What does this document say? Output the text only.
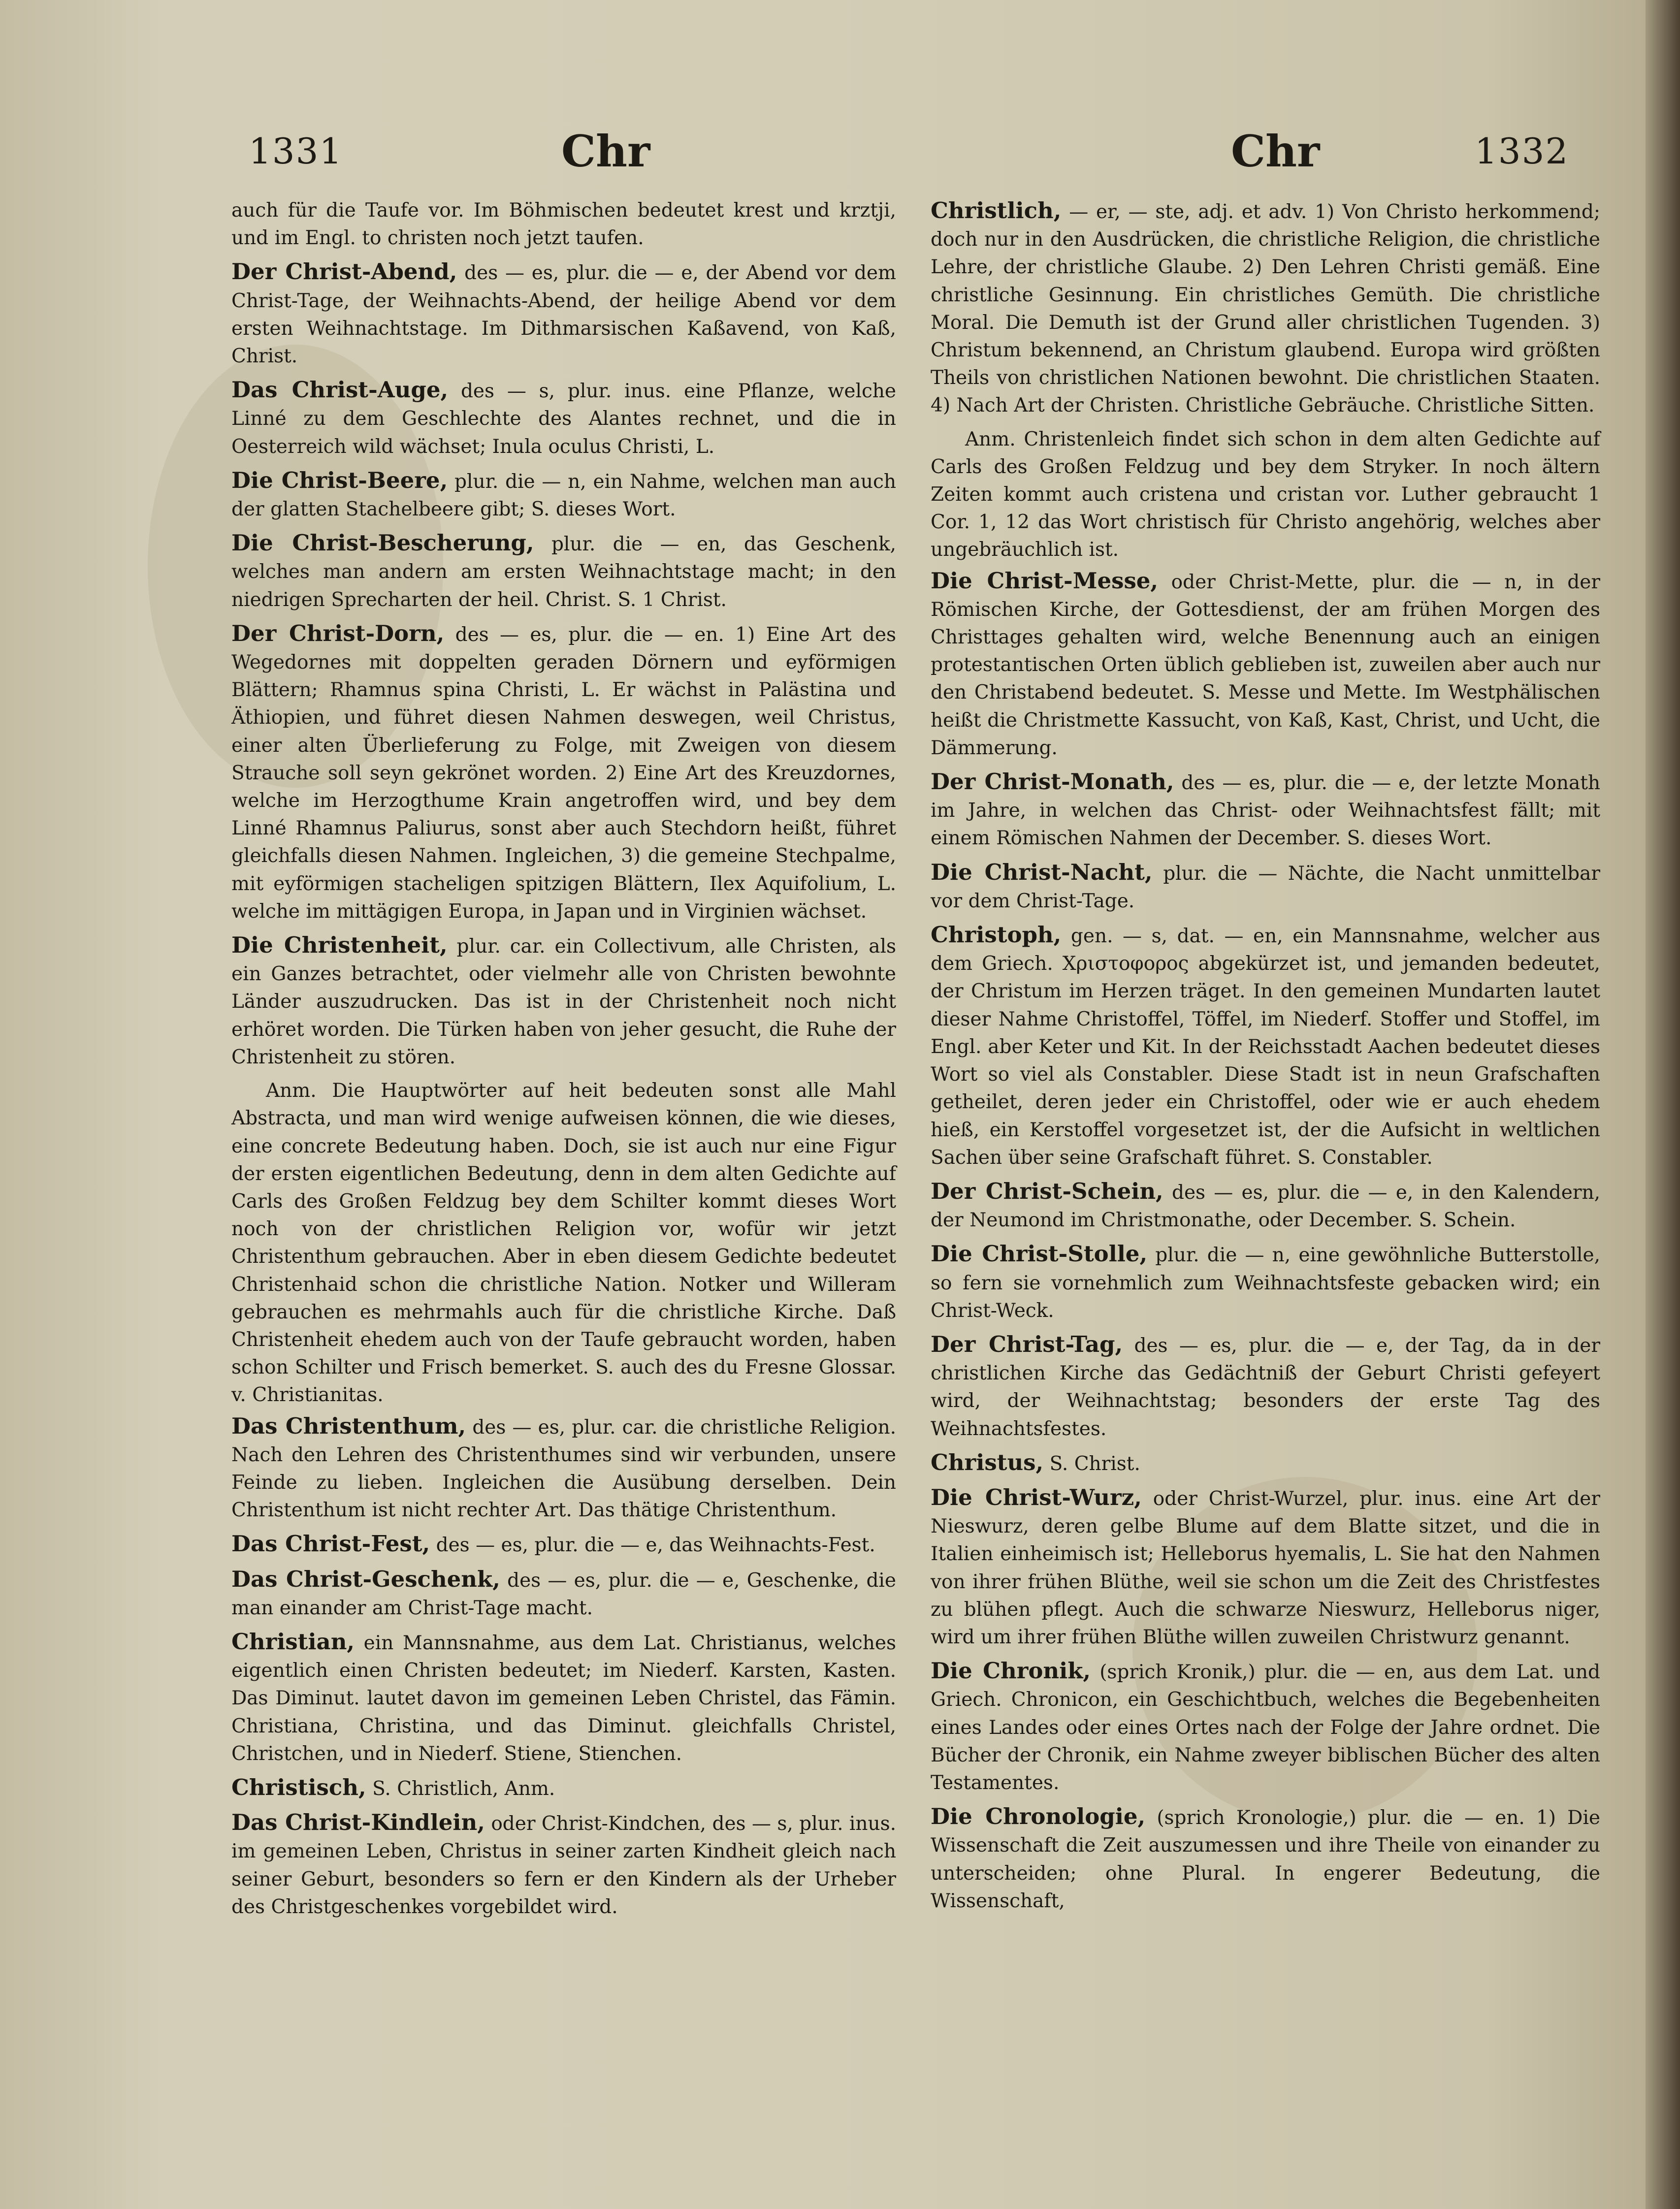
1331	Chr	Chr	1332

auch für die Taufe vor. Im Böhmischen bedeutet krest und krztji, und im Engl. to christen noch jetzt taufen.

Der Christ-Abend, des — es, plur. die — e, der Abend vor dem Christ-Tage, der Weihnachts-Abend, der heilige Abend vor dem ersten Weihnachtstage. Im Dithmarsischen Kaßavend, von Kaß, Christ.

Das Christ-Auge, des — s, plur. inus. eine Pflanze, welche Linné zu dem Geschlechte des Alantes rechnet, und die in Oesterreich wild wächset; Inula oculus Christi, L.

Die Christ-Beere, plur. die — n, ein Nahme, welchen man auch der glatten Stachelbeere gibt; S. dieses Wort.

Die Christ-Bescherung, plur. die — en, das Geschenk, welches man andern am ersten Weihnachtstage macht; in den niedrigen Sprecharten der heil. Christ. S. 1 Christ.

Der Christ-Dorn, des — es, plur. die — en. 1) Eine Art des Wegedornes mit doppelten geraden Dörnern und eyförmigen Blättern; Rhamnus spina Christi, L. Er wächst in Palästina und Äthiopien, und führet diesen Nahmen deswegen, weil Christus, einer alten Überlieferung zu Folge, mit Zweigen von diesem Strauche soll seyn gekrönet worden. 2) Eine Art des Kreuzdornes, welche im Herzogthume Krain angetroffen wird, und bey dem Linné Rhamnus Paliurus, sonst aber auch Stechdorn heißt, führet gleichfalls diesen Nahmen. Ingleichen, 3) die gemeine Stechpalme, mit eyförmigen stacheligen spitzigen Blättern, Ilex Aquifolium, L. welche im mittägigen Europa, in Japan und in Virginien wächset.

Die Christenheit, plur. car. ein Collectivum, alle Christen, als ein Ganzes betrachtet, oder vielmehr alle von Christen bewohnte Länder auszudrucken. Das ist in der Christenheit noch nicht erhöret worden. Die Türken haben von jeher gesucht, die Ruhe der Christenheit zu stören.

Anm. Die Hauptwörter auf heit bedeuten sonst alle Mahl Abstracta, und man wird wenige aufweisen können, die wie dieses, eine concrete Bedeutung haben. Doch, sie ist auch nur eine Figur der ersten eigentlichen Bedeutung, denn in dem alten Gedichte auf Carls des Großen Feldzug bey dem Schilter kommt dieses Wort noch von der christlichen Religion vor, wofür wir jetzt Christenthum gebrauchen. Aber in eben diesem Gedichte bedeutet Christenhaid schon die christliche Nation. Notker und Willeram gebrauchen es mehrmahls auch für die christliche Kirche. Daß Christenheit ehedem auch von der Taufe gebraucht worden, haben schon Schilter und Frisch bemerket. S. auch des du Fresne Glossar. v. Christianitas.

Das Christenthum, des — es, plur. car. die christliche Religion. Nach den Lehren des Christenthumes sind wir verbunden, unsere Feinde zu lieben. Ingleichen die Ausübung derselben. Dein Christenthum ist nicht rechter Art. Das thätige Christenthum.

Das Christ-Fest, des — es, plur. die — e, das Weihnachts-Fest.

Das Christ-Geschenk, des — es, plur. die — e, Geschenke, die man einander am Christ-Tage macht.

Christian, ein Mannsnahme, aus dem Lat. Christianus, welches eigentlich einen Christen bedeutet; im Niederf. Karsten, Kasten. Das Diminut. lautet davon im gemeinen Leben Christel, das Fämin. Christiana, Christina, und das Diminut. gleichfalls Christel, Christchen, und in Niederf. Stiene, Stienchen.

Christisch, S. Christlich, Anm.

Das Christ-Kindlein, oder Christ-Kindchen, des — s, plur. inus. im gemeinen Leben, Christus in seiner zarten Kindheit gleich nach seiner Geburt, besonders so fern er den Kindern als der Urheber des Christgeschenkes vorgebildet wird.

Christlich, — er, — ste, adj. et adv. 1) Von Christo herkommend; doch nur in den Ausdrücken, die christliche Religion, die christliche Lehre, der christliche Glaube. 2) Den Lehren Christi gemäß. Eine christliche Gesinnung. Ein christliches Gemüth. Die christliche Moral. Die Demuth ist der Grund aller christlichen Tugenden. 3) Christum bekennend, an Christum glaubend. Europa wird größten Theils von christlichen Nationen bewohnt. Die christlichen Staaten. 4) Nach Art der Christen. Christliche Gebräuche. Christliche Sitten.

Anm. Christenleich findet sich schon in dem alten Gedichte auf Carls des Großen Feldzug und bey dem Stryker. In noch ältern Zeiten kommt auch cristena und cristan vor. Luther gebraucht 1 Cor. 1, 12 das Wort christisch für Christo angehörig, welches aber ungebräuchlich ist.

Die Christ-Messe, oder Christ-Mette, plur. die — n, in der Römischen Kirche, der Gottesdienst, der am frühen Morgen des Christtages gehalten wird, welche Benennung auch an einigen protestantischen Orten üblich geblieben ist, zuweilen aber auch nur den Christabend bedeutet. S. Messe und Mette. Im Westphälischen heißt die Christmette Kassucht, von Kaß, Kast, Christ, und Ucht, die Dämmerung.

Der Christ-Monath, des — es, plur. die — e, der letzte Monath im Jahre, in welchen das Christ- oder Weihnachtsfest fällt; mit einem Römischen Nahmen der December. S. dieses Wort.

Die Christ-Nacht, plur. die — Nächte, die Nacht unmittelbar vor dem Christ-Tage.

Christoph, gen. — s, dat. — en, ein Mannsnahme, welcher aus dem Griech. Χριστοφορος abgekürzet ist, und jemanden bedeutet, der Christum im Herzen träget. In den gemeinen Mundarten lautet dieser Nahme Christoffel, Töffel, im Niederf. Stoffer und Stoffel, im Engl. aber Keter und Kit. In der Reichsstadt Aachen bedeutet dieses Wort so viel als Constabler. Diese Stadt ist in neun Grafschaften getheilet, deren jeder ein Christoffel, oder wie er auch ehedem hieß, ein Kerstoffel vorgesetzet ist, der die Aufsicht in weltlichen Sachen über seine Grafschaft führet. S. Constabler.

Der Christ-Schein, des — es, plur. die — e, in den Kalendern, der Neumond im Christmonathe, oder December. S. Schein.

Die Christ-Stolle, plur. die — n, eine gewöhnliche Butterstolle, so fern sie vornehmlich zum Weihnachtsfeste gebacken wird; ein Christ-Weck.

Der Christ-Tag, des — es, plur. die — e, der Tag, da in der christlichen Kirche das Gedächtniß der Geburt Christi gefeyert wird, der Weihnachtstag; besonders der erste Tag des Weihnachtsfestes.

Christus, S. Christ.

Die Christ-Wurz, oder Christ-Wurzel, plur. inus. eine Art der Nieswurz, deren gelbe Blume auf dem Blatte sitzet, und die in Italien einheimisch ist; Helleborus hyemalis, L. Sie hat den Nahmen von ihrer frühen Blüthe, weil sie schon um die Zeit des Christfestes zu blühen pflegt. Auch die schwarze Nieswurz, Helleborus niger, wird um ihrer frühen Blüthe willen zuweilen Christwurz genannt.

Die Chronik, (sprich Kronik,) plur. die — en, aus dem Lat. und Griech. Chronicon, ein Geschichtbuch, welches die Begebenheiten eines Landes oder eines Ortes nach der Folge der Jahre ordnet. Die Bücher der Chronik, ein Nahme zweyer biblischen Bücher des alten Testamentes.

Die Chronologie, (sprich Kronologie,) plur. die — en. 1) Die Wissenschaft die Zeit auszumessen und ihre Theile von einander zu unterscheiden; ohne Plural. In engerer Bedeutung, die Wissenschaft,
